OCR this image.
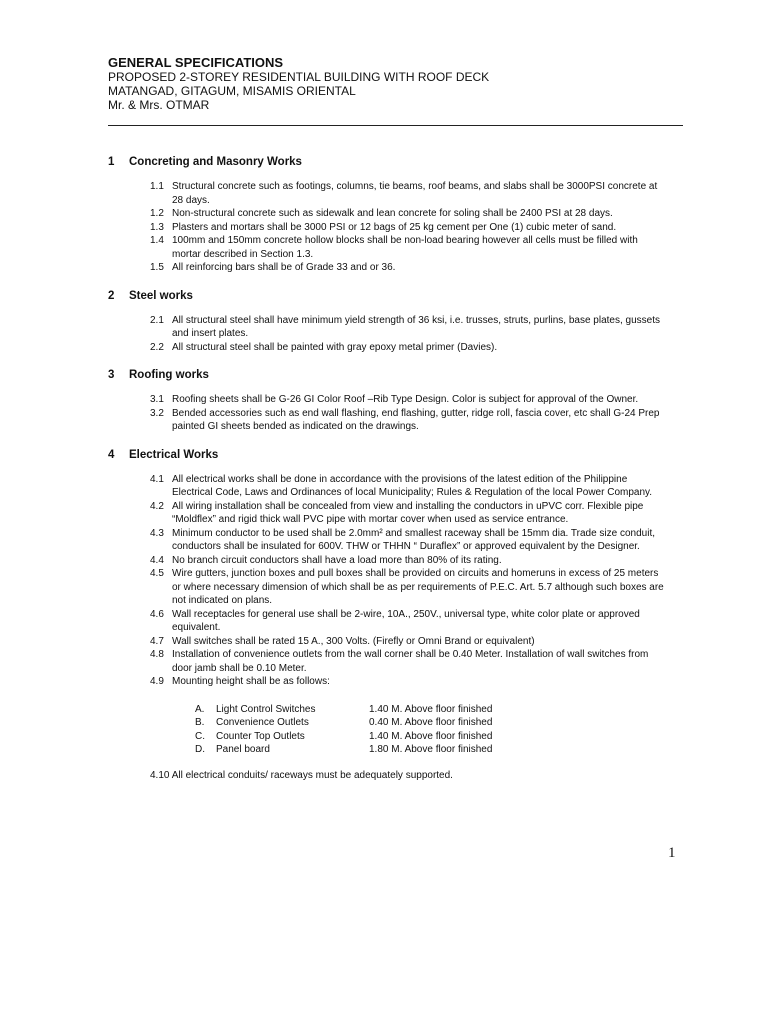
GENERAL SPECIFICATIONS
PROPOSED 2-STOREY RESIDENTIAL BUILDING WITH ROOF DECK
MATANGAD, GITAGUM, MISAMIS ORIENTAL
Mr. & Mrs. OTMAR
1	Concreting and Masonry Works
1.1 Structural concrete such as footings, columns, tie beams, roof beams, and slabs shall be 3000PSI concrete at 28 days.
1.2 Non-structural concrete such as sidewalk and lean concrete for soling shall be 2400 PSI at 28 days.
1.3 Plasters and mortars shall be 3000 PSI or 12 bags of 25 kg cement per One (1) cubic meter of sand.
1.4 100mm and 150mm concrete hollow blocks shall be non-load bearing however all cells must be filled with mortar described in Section 1.3.
1.5 All reinforcing bars shall be of Grade 33 and or 36.
2	Steel works
2.1 All structural steel shall have minimum yield strength of 36 ksi, i.e. trusses, struts, purlins, base plates, gussets and insert plates.
2.2 All structural steel shall be painted with gray epoxy metal primer (Davies).
3	Roofing works
3.1 Roofing sheets shall be G-26 GI Color Roof –Rib Type Design. Color is subject for approval of the Owner.
3.2 Bended accessories such as end wall flashing, end flashing, gutter, ridge roll, fascia cover, etc shall G-24 Prep painted GI sheets bended as indicated on the drawings.
4	Electrical Works
4.1 All electrical works shall be done in accordance with the provisions of the latest edition of the Philippine Electrical Code, Laws and Ordinances of local Municipality; Rules & Regulation of the local Power Company.
4.2 All wiring installation shall be concealed from view and installing the conductors in uPVC corr. Flexible pipe “Moldflex” and rigid thick wall PVC pipe with mortar cover when used as service entrance.
4.3 Minimum conductor to be used shall be 2.0mm² and smallest raceway shall be 15mm dia. Trade size conduit, conductors shall be insulated for 600V. THW or THHN “ Duraflex” or approved equivalent by the Designer.
4.4 No branch circuit conductors shall have a load more than 80% of its rating.
4.5 Wire gutters, junction boxes and pull boxes shall be provided on circuits and homeruns in excess of 25 meters or where necessary dimension of which shall be as per requirements of P.E.C. Art. 5.7 although such boxes are not indicated on plans.
4.6 Wall receptacles for general use shall be 2-wire, 10A., 250V., universal type, white color plate or approved equivalent.
4.7 Wall switches shall be rated 15 A., 300 Volts. (Firefly or Omni Brand or equivalent)
4.8 Installation of convenience outlets from the wall corner shall be 0.40 Meter. Installation of wall switches from door jamb shall be 0.10 Meter.
4.9 Mounting height shall be as follows:
A.	Light Control Switches	1.40 M. Above floor finished
B.	Convenience Outlets	0.40 M. Above floor finished
C.	Counter Top Outlets	1.40 M. Above floor finished
D.	Panel board	1.80 M. Above floor finished
4.10 All electrical conduits/ raceways must be adequately supported.
1
